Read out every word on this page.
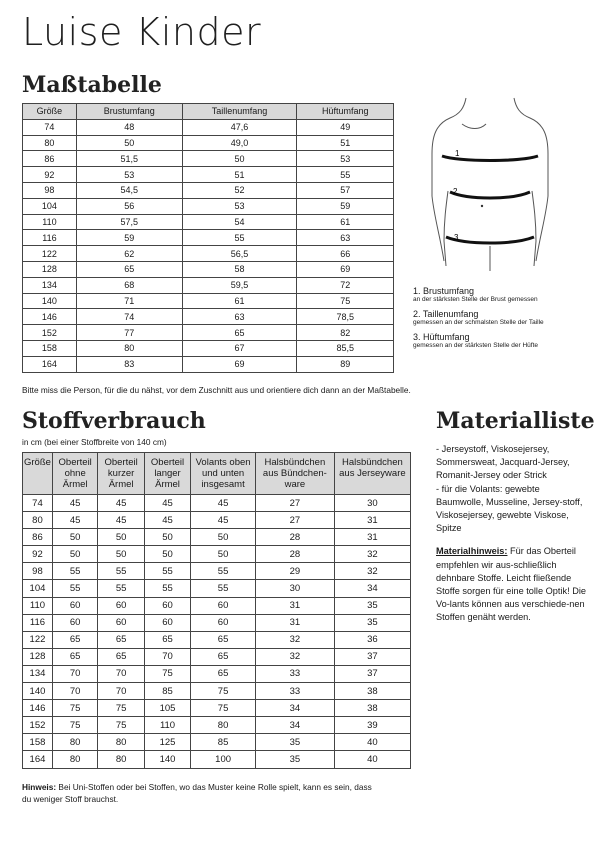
Luise Kinder
Maßtabelle
Größe	Brustumfang	Taillenumfang	Hüftumfang
74	48	47,6	49
80	50	49,0	51
86	51,5	50	53
92	53	51	55
98	54,5	52	57
104	56	53	59
110	57,5	54	61
116	59	55	63
122	62	56,5	66
128	65	58	69
134	68	59,5	72
140	71	61	75
146	74	63	78,5
152	77	65	82
158	80	67	85,5
164	83	69	89
Bitte miss die Person, für die du nähst, vor dem Zuschnitt aus und orientiere dich dann an der Maßtabelle.
1
2
3
1. Brustumfang
an der stärksten Stelle der Brust gemessen
2. Taillenumfang
gemessen an der schmalsten Stelle der Taille
3. Hüftumfang
gemessen an der stärksten Stelle der Hüfte
Stoffverbrauch
in cm (bei einer Stoffbreite von 140 cm)
Größe	Oberteil ohne Ärmel	Oberteil kurzer Ärmel	Oberteil langer Ärmel	Volants oben und unten insgesamt	Halsbündchen aus Bündchenware	Halsbündchen aus Jerseyware
74	45	45	45	45	27	30
80	45	45	45	45	27	31
86	50	50	50	50	28	31
92	50	50	50	50	28	32
98	55	55	55	55	29	32
104	55	55	55	55	30	34
110	60	60	60	60	31	35
116	60	60	60	60	31	35
122	65	65	65	65	32	36
128	65	65	70	65	32	37
134	70	70	75	65	33	37
140	70	70	85	75	33	38
146	75	75	105	75	34	38
152	75	75	110	80	34	39
158	80	80	125	85	35	40
164	80	80	140	100	35	40
Hinweis: Bei Uni-Stoffen oder bei Stoffen, wo das Muster keine Rolle spielt, kann es sein, dass du weniger Stoff brauchst.
Materialliste
- Jerseystoff, Viskosejersey, Sommersweat, Jacquard-Jersey, Romanit-Jersey oder Strick
- für die Volants: gewebte Baumwolle, Musseline, Jersey-stoff, Viskosejersey, gewebte Viskose, Spitze
Materialhinweis: Für das Oberteil empfehlen wir aus-schließlich dehnbare Stoffe. Leicht fließende Stoffe sorgen für eine tolle Optik! Die Vo-lants können aus verschiede-nen Stoffen genäht werden.
